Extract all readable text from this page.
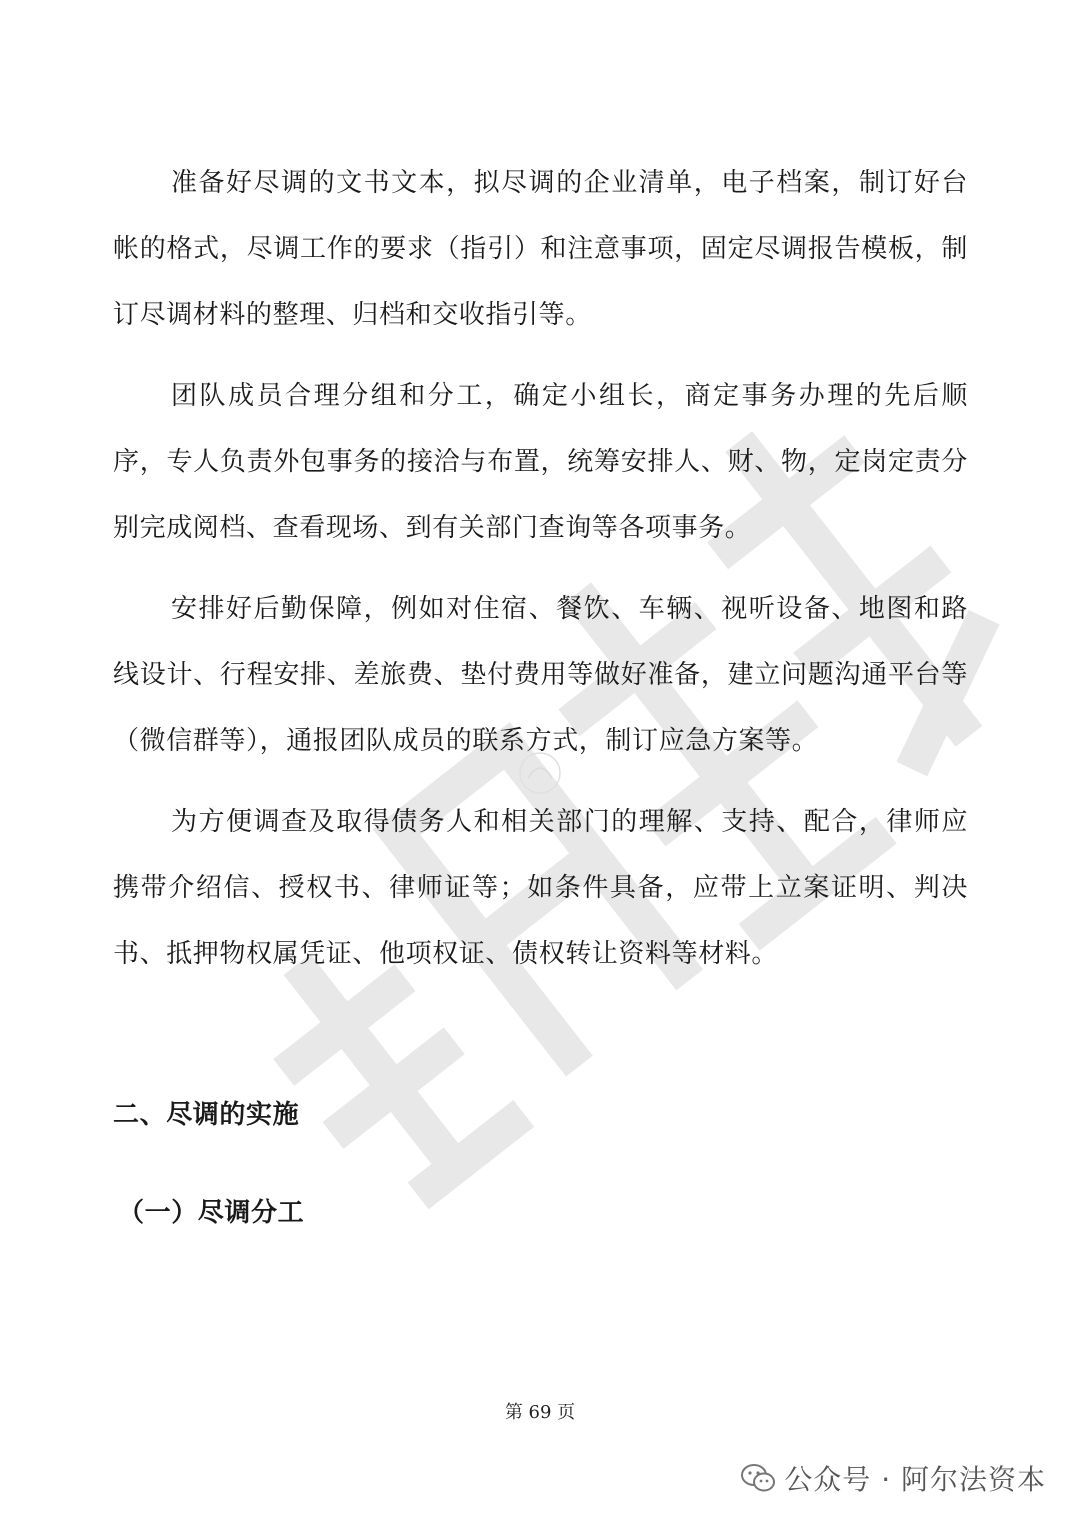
准备好尽调的文书文本，拟尽调的企业清单，电子档案，制订好台帐的格式，尽调工作的要求（指引）和注意事项，固定尽调报告模板，制订尽调材料的整理、归档和交收指引等。

团队成员合理分组和分工，确定小组长，商定事务办理的先后顺序，专人负责外包事务的接洽与布置，统筹安排人、财、物，定岗定责分别完成阅档、查看现场、到有关部门查询等各项事务。

安排好后勤保障，例如对住宿、餐饮、车辆、视听设备、地图和路线设计、行程安排、差旅费、垫付费用等做好准备，建立问题沟通平台等（微信群等），通报团队成员的联系方式，制订应急方案等。

为方便调查及取得债务人和相关部门的理解、支持、配合，律师应携带介绍信、授权书、律师证等；如条件具备，应带上立案证明、判决书、抵押物权属凭证、他项权证、债权转让资料等材料。

二、尽调的实施
（一）尽调分工
第 69 页
公众号 · 阿尔法资本
